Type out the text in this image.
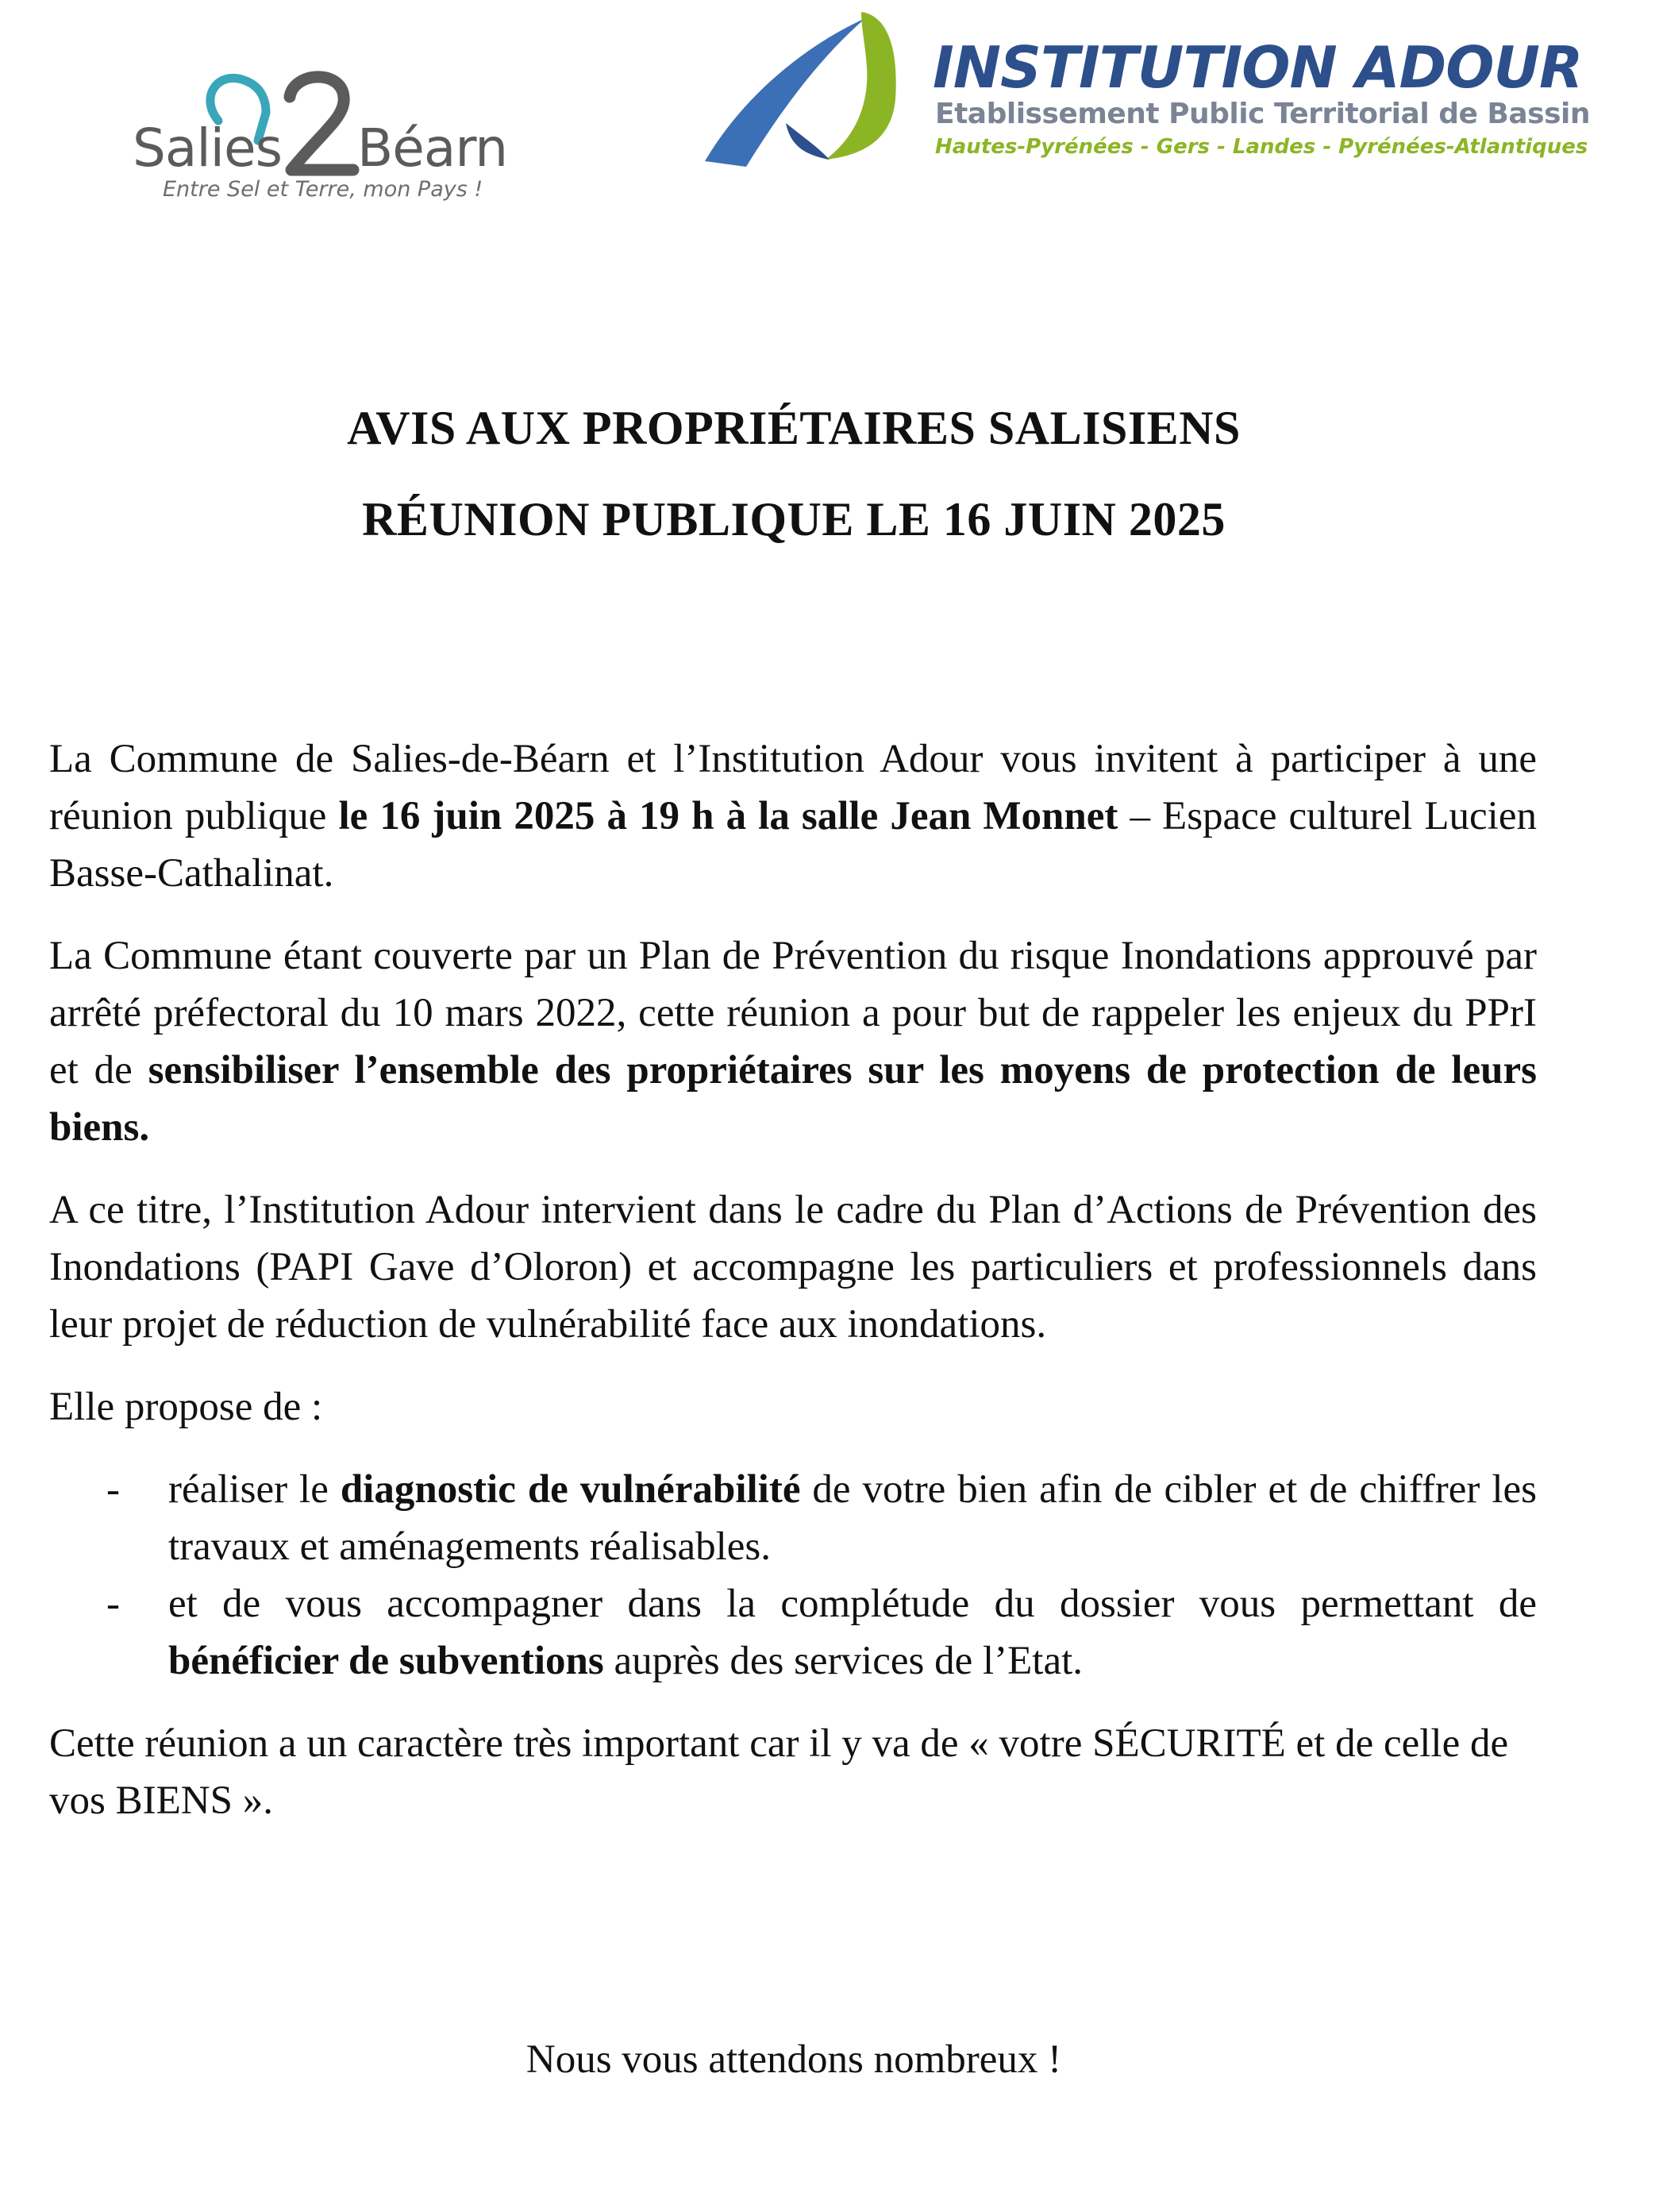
Salies Béarn
Entre Sel et Terre, mon Pays !
INSTITUTION ADOUR
Etablissement Public Territorial de Bassin
Hautes-Pyrénées - Gers - Landes - Pyrénées-Atlantiques
AVIS AUX PROPRIÉTAIRES SALISIENS
RÉUNION PUBLIQUE LE 16 JUIN 2025

La Commune de Salies-de-Béarn et l’Institution Adour vous invitent à participer à une réunion publique le 16 juin 2025 à 19 h à la salle Jean Monnet – Espace culturel Lucien Basse-Cathalinat.

La Commune étant couverte par un Plan de Prévention du risque Inondations approuvé par arrêté préfectoral du 10 mars 2022, cette réunion a pour but de rappeler les enjeux du PPrI et de sensibiliser l’ensemble des propriétaires sur les moyens de protection de leurs biens.

A ce titre, l’Institution Adour intervient dans le cadre du Plan d’Actions de Prévention des Inondations (PAPI Gave d’Oloron) et accompagne les particuliers et professionnels dans leur projet de réduction de vulnérabilité face aux inondations.

Elle propose de :

- réaliser le diagnostic de vulnérabilité de votre bien afin de cibler et de chiffrer les travaux et aménagements réalisables.
- et de vous accompagner dans la complétude du dossier vous permettant de bénéficier de subventions auprès des services de l’Etat.

Cette réunion a un caractère très important car il y va de « votre SÉCURITÉ et de celle de vos BIENS ».

Nous vous attendons nombreux !
